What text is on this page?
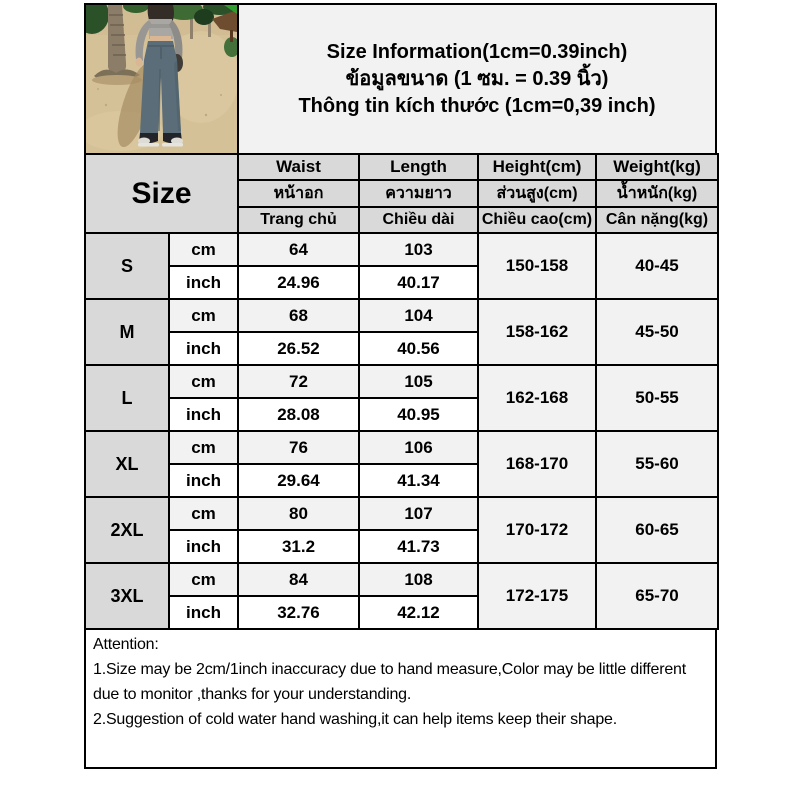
Size Information(1cm=0.39inch)
ข้อมูลขนาด (1 ซม. = 0.39 นิ้ว)
Thông tin kích thước (1cm=0,39 inch)
Size		Waist	Length	Height(cm)	Weight(kg)
		หน้าอก	ความยาว	ส่วนสูง(cm)	น้ำหนัก(kg)
		Trang chủ	Chiều dài	Chiều cao(cm)	Cân nặng(kg)
S	cm	64	103	150-158	40-45
	inch	24.96	40.17		
M	cm	68	104	158-162	45-50
	inch	26.52	40.56		
L	cm	72	105	162-168	50-55
	inch	28.08	40.95		
XL	cm	76	106	168-170	55-60
	inch	29.64	41.34		
2XL	cm	80	107	170-172	60-65
	inch	31.2	41.73		
3XL	cm	84	108	172-175	65-70
	inch	32.76	42.12		
Attention:
1.Size may be 2cm/1inch inaccuracy due to hand measure,Color may be little different due to monitor ,thanks for your understanding.
2.Suggestion of cold water hand washing,it can help items keep their shape.
